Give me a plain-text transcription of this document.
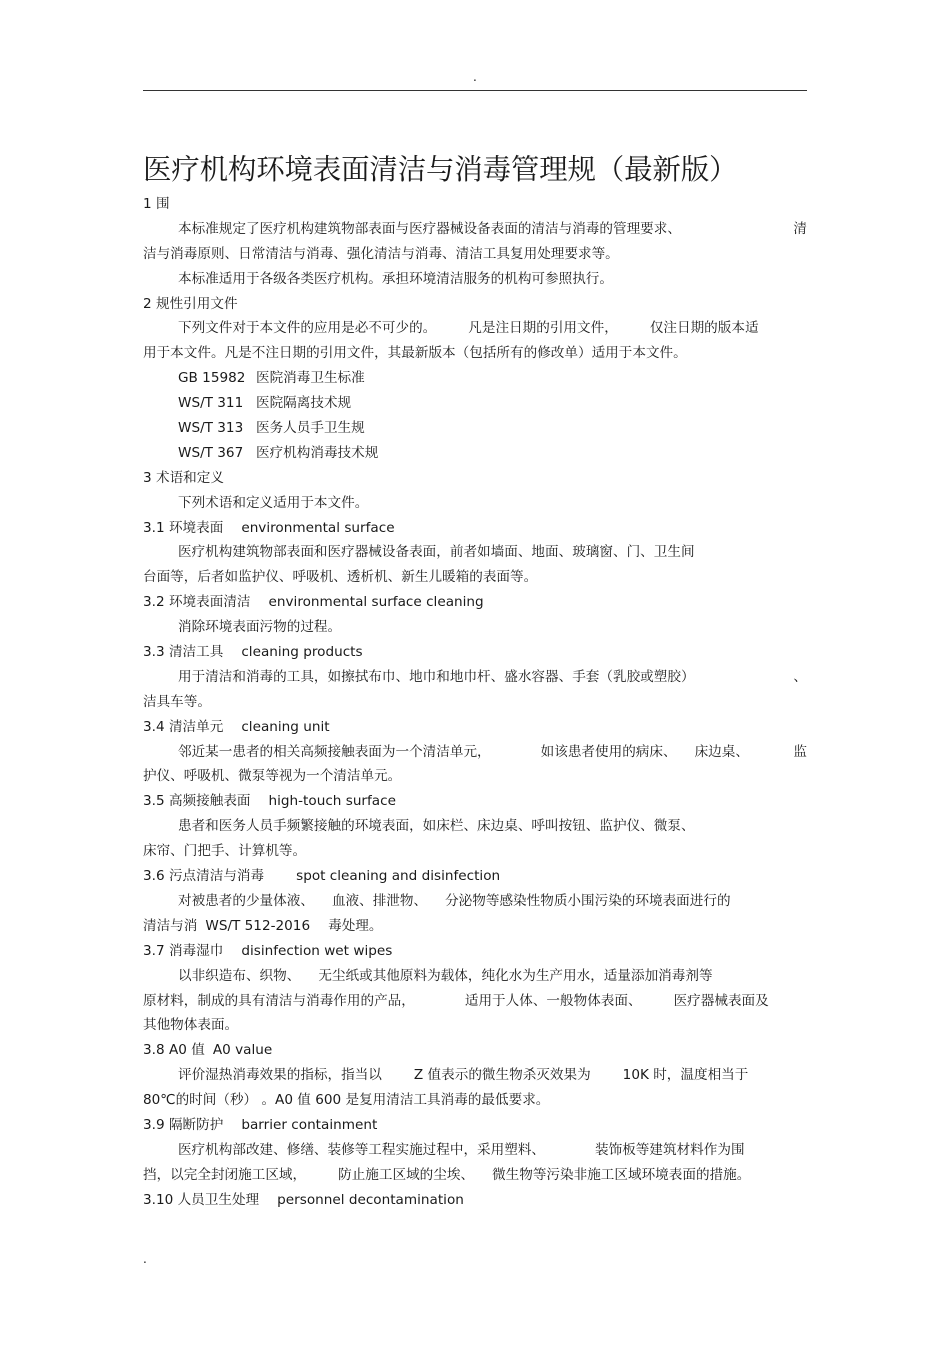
.
医疗机构环境表面清洁与消毒管理规（最新版）
1 围
本标准规定了医疗机构建筑物部表面与医疗器械设备表面的清洁与消毒的管理要求、	清
洁与消毒原则、日常清洁与消毒、强化清洁与消毒、清洁工具复用处理要求等。
本标准适用于各级各类医疗机构。承担环境清洁服务的机构可参照执行。
2 规性引用文件
下列文件对于本文件的应用是必不可少的。 凡是注日期的引用文件， 仅注日期的版本适
用于本文件。凡是不注日期的引用文件，其最新版本（包括所有的修改单）适用于本文件。
GB 15982 医院消毒卫生标准
WS/T 311 医院隔离技术规
WS/T 313 医务人员手卫生规
WS/T 367 医疗机构消毒技术规
3 术语和定义
下列术语和定义适用于本文件。
3.1 环境表面 environmental surface
医疗机构建筑物部表面和医疗器械设备表面，前者如墙面、地面、玻璃窗、门、卫生间
台面等，后者如监护仪、呼吸机、透析机、新生儿暖箱的表面等。
3.2 环境表面清洁 environmental surface cleaning
消除环境表面污物的过程。
3.3 清洁工具 cleaning products
用于清洁和消毒的工具，如擦拭布巾、地巾和地巾杆、盛水容器、手套（乳胶或塑胶）	、
洁具车等。
3.4 清洁单元 cleaning unit
邻近某一患者的相关高频接触表面为一个清洁单元，	如该患者使用的病床、 床边桌、	监
护仪、呼吸机、微泵等视为一个清洁单元。
3.5 高频接触表面 high-touch surface
患者和医务人员手频繁接触的环境表面，如床栏、床边桌、呼叫按钮、监护仪、微泵、
床帘、门把手、计算机等。
3.6 污点清洁与消毒 spot cleaning and disinfection
对被患者的少量体液、 血液、排泄物、 分泌物等感染性物质小围污染的环境表面进行的
清洁与消 WS/T 512-2016 毒处理。
3.7 消毒湿巾 disinfection wet wipes
以非织造布、织物、 无尘纸或其他原料为载体，纯化水为生产用水，适量添加消毒剂等
原材料，制成的具有清洁与消毒作用的产品，	适用于人体、一般物体表面、 医疗器械表面及
其他物体表面。
3.8 A0 值 A0 value
评价湿热消毒效果的指标，指当以 Z 值表示的微生物杀灭效果为 10K 时，温度相当于
80℃的时间（秒） 。A0 值 600 是复用清洁工具消毒的最低要求。
3.9 隔断防护 barrier containment
医疗机构部改建、修缮、装修等工程实施过程中，采用塑料、	装饰板等建筑材料作为围
挡，以完全封闭施工区域， 防止施工区域的尘埃、 微生物等污染非施工区域环境表面的措施。
3.10 人员卫生处理 personnel decontamination
.
